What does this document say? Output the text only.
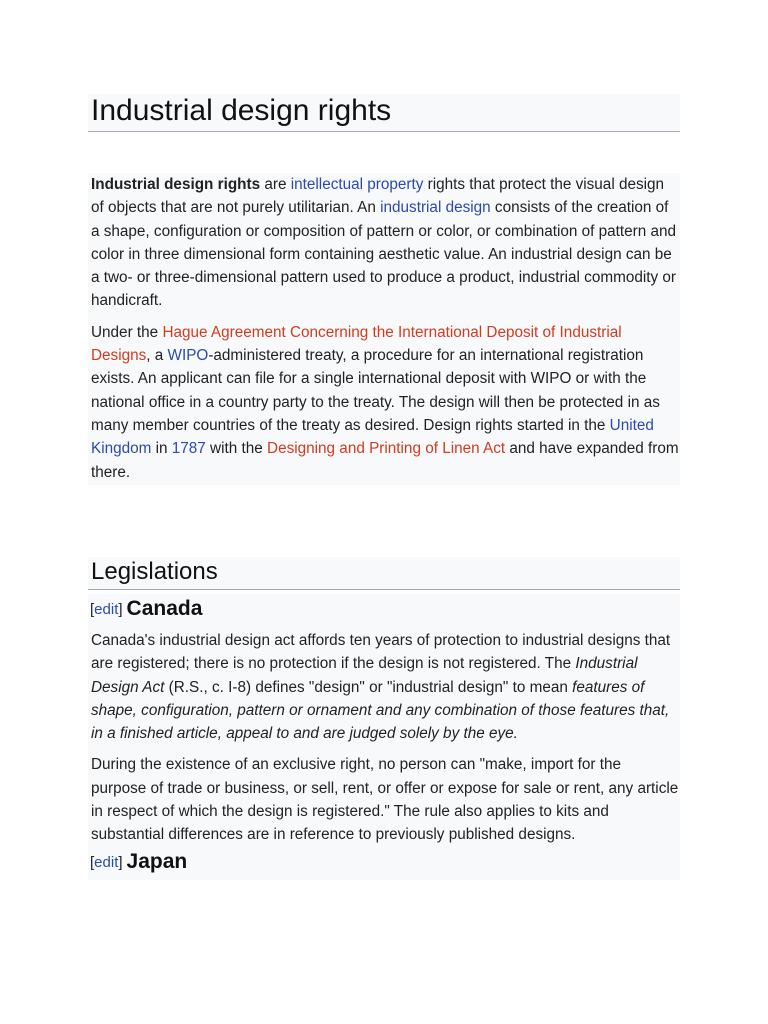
Industrial design rights

Industrial design rights are intellectual property rights that protect the visual design of objects that are not purely utilitarian. An industrial design consists of the creation of a shape, configuration or composition of pattern or color, or combination of pattern and color in three dimensional form containing aesthetic value. An industrial design can be a two- or three-dimensional pattern used to produce a product, industrial commodity or handicraft.

Under the Hague Agreement Concerning the International Deposit of Industrial Designs, a WIPO-administered treaty, a procedure for an international registration exists. An applicant can file for a single international deposit with WIPO or with the national office in a country party to the treaty. The design will then be protected in as many member countries of the treaty as desired. Design rights started in the United Kingdom in 1787 with the Designing and Printing of Linen Act and have expanded from there.

Legislations
[edit] Canada

Canada's industrial design act affords ten years of protection to industrial designs that are registered; there is no protection if the design is not registered. The Industrial Design Act (R.S., c. I-8) defines "design" or "industrial design" to mean features of shape, configuration, pattern or ornament and any combination of those features that, in a finished article, appeal to and are judged solely by the eye.

During the existence of an exclusive right, no person can "make, import for the purpose of trade or business, or sell, rent, or offer or expose for sale or rent, any article in respect of which the design is registered." The rule also applies to kits and substantial differences are in reference to previously published designs.

[edit] Japan
